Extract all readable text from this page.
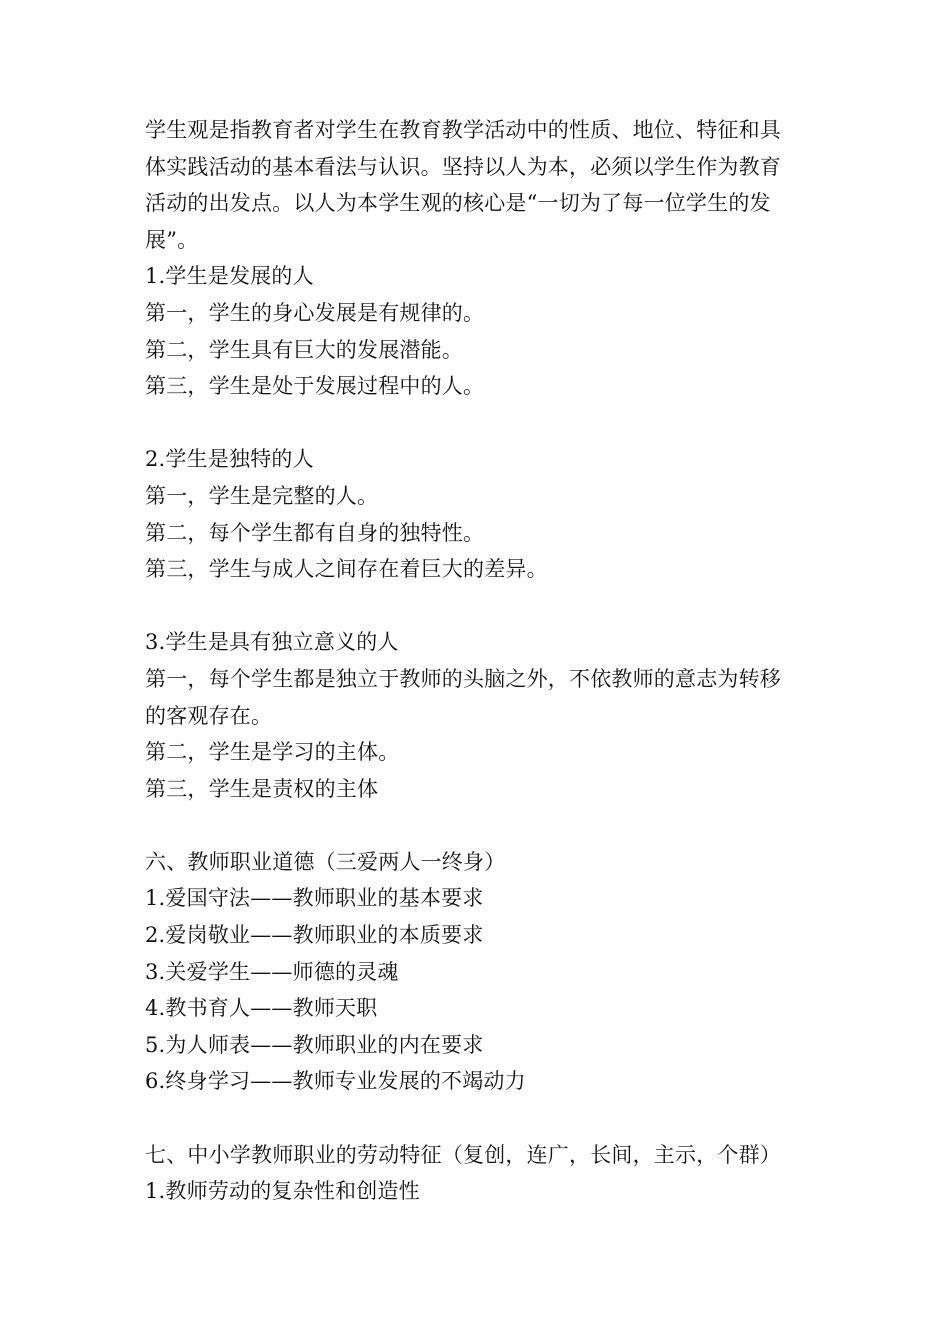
学生观是指教育者对学生在教育教学活动中的性质、地位、特征和具
体实践活动的基本看法与认识。坚持以人为本，必须以学生作为教育
活动的出发点。以人为本学生观的核心是“一切为了每一位学生的发
展”。
1.学生是发展的人
第一，学生的身心发展是有规律的。
第二，学生具有巨大的发展潜能。
第三，学生是处于发展过程中的人。
2.学生是独特的人
第一，学生是完整的人。
第二，每个学生都有自身的独特性。
第三，学生与成人之间存在着巨大的差异。
3.学生是具有独立意义的人
第一，每个学生都是独立于教师的头脑之外，不依教师的意志为转移
的客观存在。
第二，学生是学习的主体。
第三，学生是责权的主体
六、教师职业道德（三爱两人一终身）
1.爱国守法——教师职业的基本要求
2.爱岗敬业——教师职业的本质要求
3.关爱学生——师德的灵魂
4.教书育人——教师天职
5.为人师表——教师职业的内在要求
6.终身学习——教师专业发展的不竭动力
七、中小学教师职业的劳动特征（复创，连广，长间，主示，个群）
1.教师劳动的复杂性和创造性
